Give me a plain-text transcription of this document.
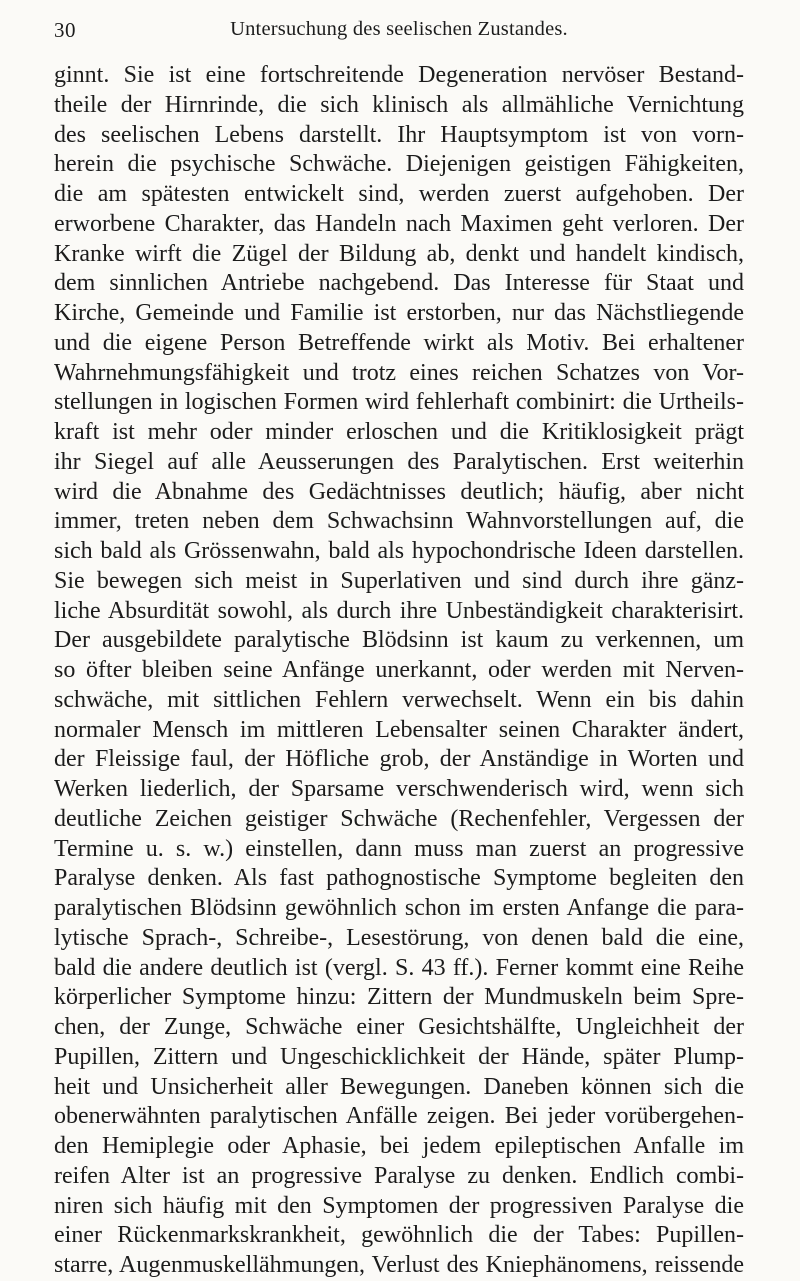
30	Untersuchung des seelischen Zustandes.
ginnt. Sie ist eine fortschreitende Degeneration nervöser Bestand-
theile der Hirnrinde, die sich klinisch als allmähliche Vernichtung
des seelischen Lebens darstellt. Ihr Hauptsymptom ist von vorn-
herein die psychische Schwäche. Diejenigen geistigen Fähigkeiten,
die am spätesten entwickelt sind, werden zuerst aufgehoben. Der
erworbene Charakter, das Handeln nach Maximen geht verloren. Der
Kranke wirft die Zügel der Bildung ab, denkt und handelt kindisch,
dem sinnlichen Antriebe nachgebend. Das Interesse für Staat und
Kirche, Gemeinde und Familie ist erstorben, nur das Nächstliegende
und die eigene Person Betreffende wirkt als Motiv. Bei erhaltener
Wahrnehmungsfähigkeit und trotz eines reichen Schatzes von Vor-
stellungen in logischen Formen wird fehlerhaft combinirt: die Urtheils-
kraft ist mehr oder minder erloschen und die Kritiklosigkeit prägt
ihr Siegel auf alle Aeusserungen des Paralytischen. Erst weiterhin
wird die Abnahme des Gedächtnisses deutlich; häufig, aber nicht
immer, treten neben dem Schwachsinn Wahnvorstellungen auf, die
sich bald als Grössenwahn, bald als hypochondrische Ideen darstellen.
Sie bewegen sich meist in Superlativen und sind durch ihre gänz-
liche Absurdität sowohl, als durch ihre Unbeständigkeit charakterisirt.
Der ausgebildete paralytische Blödsinn ist kaum zu verkennen, um
so öfter bleiben seine Anfänge unerkannt, oder werden mit Nerven-
schwäche, mit sittlichen Fehlern verwechselt. Wenn ein bis dahin
normaler Mensch im mittleren Lebensalter seinen Charakter ändert,
der Fleissige faul, der Höfliche grob, der Anständige in Worten und
Werken liederlich, der Sparsame verschwenderisch wird, wenn sich
deutliche Zeichen geistiger Schwäche (Rechenfehler, Vergessen der
Termine u. s. w.) einstellen, dann muss man zuerst an progressive
Paralyse denken. Als fast pathognostische Symptome begleiten den
paralytischen Blödsinn gewöhnlich schon im ersten Anfange die para-
lytische Sprach-, Schreibe-, Lesestörung, von denen bald die eine,
bald die andere deutlich ist (vergl. S. 43 ff.). Ferner kommt eine Reihe
körperlicher Symptome hinzu: Zittern der Mundmuskeln beim Spre-
chen, der Zunge, Schwäche einer Gesichtshälfte, Ungleichheit der
Pupillen, Zittern und Ungeschicklichkeit der Hände, später Plump-
heit und Unsicherheit aller Bewegungen. Daneben können sich die
obenerwähnten paralytischen Anfälle zeigen. Bei jeder vorübergehen-
den Hemiplegie oder Aphasie, bei jedem epileptischen Anfalle im
reifen Alter ist an progressive Paralyse zu denken. Endlich combi-
niren sich häufig mit den Symptomen der progressiven Paralyse die
einer Rückenmarkskrankheit, gewöhnlich die der Tabes: Pupillen-
starre, Augenmuskellähmungen, Verlust des Kniephänomens, reissende
